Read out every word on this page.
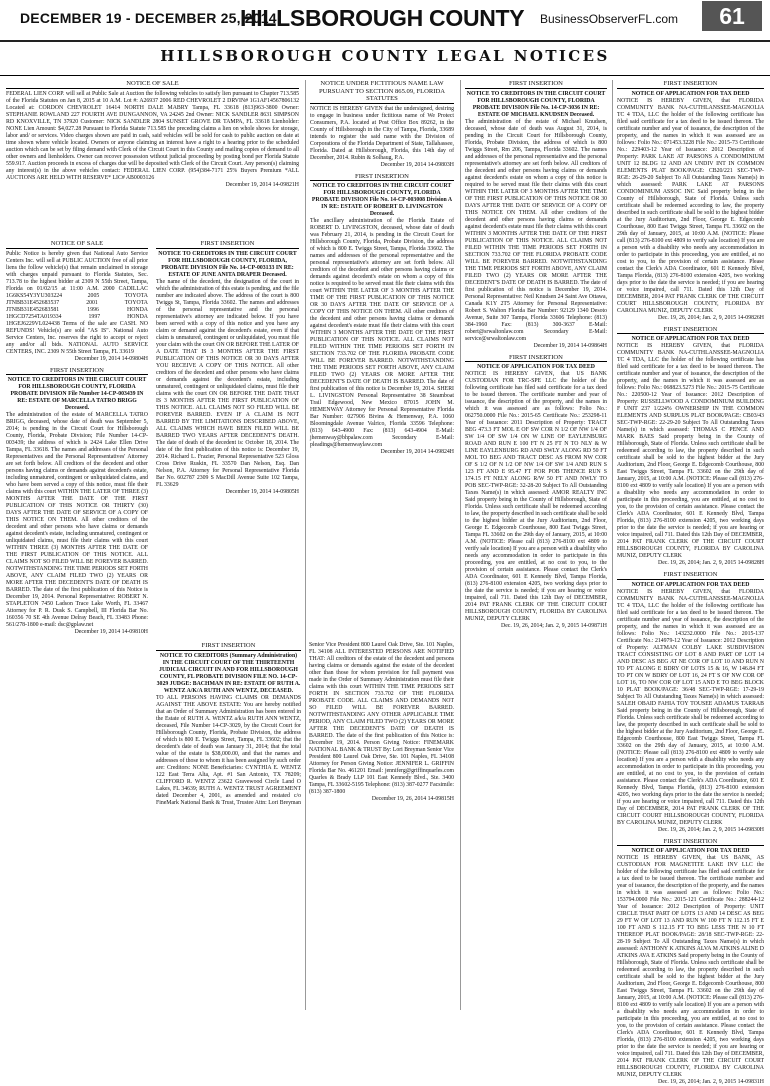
DECEMBER 19 - DECEMBER 25, 2014
HILLSBOROUGH COUNTY BusinessObserverFL.com	61
HILLSBOROUGH COUNTY LEGAL NOTICES
NOTICE OF SALE
FEDERAL LIEN CORP. will sell at Public Sale at Auction the following vehicles to satisfy lien pursuant to Chapter 713.585 of the Florida Statutes on Jan 8, 2015 at 10 A.M. Lot #: A26937 2006 RED CHEVROLET 2 DRVIN# 1G1AF14567806132 Located at: CORDON CHEVROLET 16414 NORTH DALE MABRY Tampa, FL 33618 (813)963-3800 Owner: STEPHANIE ROWLAND 227 FOURTH AVE DUNGANNON, VA 24245 2nd Owner: NICK SANDLER 8631 SIMPSON RD KNOXVILLE, TN 37920 Customer: NICK SANDLER 2804 SUNSET GROVE DR TAMPA, FL 33618 Lienholder: NONE Lien Amount: $4,027.28 Pursuant to Florida Statute 713.585 the preceding claims a lien on whole shows for storage, labor and/ or services. Video charges shown are paid in cash, said vehicles will be sold for cash to public auction on date at time shown where vehicle located. Owners or anyone claiming an interest have a right to a hearing prior to the scheduled auction which can be set by filing demand with Clerk of the Circuit Court in this County and mailing copies of demand to all other owners and lienholders. Owner can recover possession without judicial proceeding by posting bond per Florida Statute 559.917. Auction proceeds in excess of charges due will be deposited with Clerk of the Circuit Court. Any person(s) claiming any interest(s) in the above vehicles contact: FEDERAL LIEN CORP. (954)384-7171 25% Buyers Premium *ALL AUCTIONS ARE HELD WITH RESERVE* LIC# AB0003126
December 19, 2014 14-09821H
NOTICE OF SALE
Public Notice is hereby given that National Auto Service Centers Inc. will sell at PUBLIC AUCTION free of all prior liens the follow vehicle(s) that remain unclaimed in storage with charges unpaid pursuant to Florida Statutes, Sec. 713.78 to the highest bidder at 2309 N 55th Street, Tampa, Florida on 01/02/15 at 11:00 A.M. 2000 CADILLAC 1G6KS54Y3YU303224 2005 TOYOTA JTNBB31E452683537 2001 TOYOTA JTNBB31E452683581 1996 HONDA 1HGCD7254TA019334 1997 HONDA 1HGEJ6229VL024438 Terms of the sale are CASH. NO REFUNDS! Vehicle(s) are sold "AS IS". National Auto Service Centers, Inc. reserves the right to accept or reject any and/or all bids. NATIONAL AUTO SERVICE CENTERS, INC. 2309 N 55th Street Tampa, FL 33619
December 19, 2014 14-09804H
FIRST INSERTION
NOTICE TO CREDITORS IN THE CIRCUIT COURT FOR HILLSBOROUGH COUNTY, FLORIDA PROBATE DIVISION File Number 14-CP-003439 IN RE: ESTATE OF MARCELLA TATRO BRIGG Deceased.
The administration of the estate of MARCELLA TATRO BRIGG, deceased, whose date of death was September 5, 2014; is pending in the Circuit Court for Hillsborough County, Florida, Probate Division; File Number 14-CP-003439; the address of which is 2424 Lake Ellen Drive Tampa, FL 33618. The names and addresses of the Personal Representatives and the Personal Representatives' Attorney are set forth below. All creditors of the decedent and other persons having claims or demands against decedent's estate, including unmatured, contingent or unliquidated claims, and who have been served a copy of this notice, must file their claims with this court WITHIN THE LATER OF THREE (3) MONTHS AFTER THE DATE OF THE FIRST PUBLICATION OF THIS NOTICE OR THIRTY (30) DAYS AFTER THE DATE OF SERVICE OF A COPY OF THIS NOTICE ON THEM. All other creditors of the decedent and other persons who have claims or demands against decedent's estate, including unmatured, contingent or unliquidated claims, must file their claims with this court WITHIN THREE (3) MONTHS AFTER THE DATE OF THE FIRST PUBLICATION OF THIS NOTICE. ALL CLAIMS NOT SO FILED WILL BE FOREVER BARRED. NOTWITHSTANDING THE TIME PERIODS SET FORTH ABOVE, ANY CLAIM FILED TWO (2) YEARS OR MORE AFTER THE DECEDENT'S DATE OF DEATH IS BARRED. The date of the first publication of this Notice is December 19, 2014. Personal Representative: ROBERT N. STAPLETON 7450 Ladson Trace Lake Worth, FL 33467 Attorney for P. R. Dusk S. Campbell, III Florida Bar No. 160356 70 SE 4th Avenue Delray Beach, FL 33483 Phone: 561/278-1800 e-mail: dsc@gplaw.net
December 19, 2014 14-09810H
FIRST INSERTION
NOTICE TO CREDITORS IN THE CIRCUIT COURT FOR HILLSBOROUGH COUNTY, FLORIDA, PROBATE DIVISION File No. 14-CP-003133 IN RE: ESTATE OF JUNE ANITA DRAPER Deceased.
The name of the decedent, the designation of the court in which the administration of this estate is pending, and the file number are indicated above. The address of the court is 800 Twiggs St, Tampa, Florida 33602. The names and addresses of the personal representative and the personal representative's attorney are indicated below. If you have been served with a copy of this notice and you have any claim or demand against the decedent's estate, even if that claim is unmatured, contingent or unliquidated, you must file your claim with the court ON OR BEFORE THE LATER OF A DATE THAT IS 3 MONTHS AFTER THE FIRST PUBLICATION OF THIS NOTICE OR 30 DAYS AFTER YOU RECEIVE A COPY OF THIS NOTICE. All other creditors of the decedent and other persons who have claims or demands against the decedent's estate, including unmatured, contingent or unliquidated claims, must file their claims with the court ON OR BEFORE THE DATE THAT IS 3 MONTHS AFTER THE FIRST PUBLICATION OF THIS NOTICE. ALL CLAIMS NOT SO FILED WILL BE FOREVER BARRED. EVEN IF A CLAIM IS NOT BARRED BY THE LIMITATIONS DESCRIBED ABOVE, ALL CLAIMS WHICH HAVE BEEN FILED WILL BE BARRED TWO YEARS AFTER DECEDENT'S DEATH. The date of death of the decedent is: October 18, 2014. The date of the first publication of this notice is: December 19, 2014. Richard L. Frazier, Personal Representative 523 Gloss Cross Drive Ruskin, FL 33570 Dan Nelson, Esq. Dan Nelson, P.A. Attorney for Personal Representative Florida Bar No. 602787 2309 S MacDill Avenue Suite 102 Tampa, FL 33629
December 19, 2014 14-09805H
NOTICE UNDER FICTITIOUS NAME LAW PURSUANT TO SECTION 865.09, FLORIDA STATUTES
NOTICE IS HEREBY GIVEN that the undersigned, desiring to engage in business under fictitious name of We Protect Consumers, P.A. located at Post Office Box 89262, in the County of Hillsborough in the City of Tampa, Florida, 33689 intends to register the said name with the Division of Corporations of the Florida Department of State, Tallahassee, Florida. Dated at Hillsborough, Florida, this 14th day of December, 2014. Rubin & Solhaug, P.A.
December 19, 2014 14-09803H
FIRST INSERTION
NOTICE TO CREDITORS IN THE CIRCUIT COURT FOR HILLSBOROUGH COUNTY, FLORIDA PROBATE DIVISION File No. 14-CP-003008 Division A IN RE: ESTATE OF ROBERT D. LIVINGSTON Deceased.
The ancillary administration of the Florida Estate of ROBERT D. LIVINGSTON, deceased, whose date of death was February 21, 2014, is pending in the Circuit Court for Hillsborough County, Florida, Probate Division, the address of which is 800 E. Twiggs Street, Tampa, Florida 33602. The names and addresses of the personal representative and the personal representative's attorney are set forth below. All creditors of the decedent and other persons having claims or demands against decedent's estate on whom a copy of this notice is required to be served must file their claims with this court WITHIN THE LATER OF 3 MONTHS AFTER THE TIME OF THE FIRST PUBLICATION OF THIS NOTICE OR 30 DAYS AFTER THE DATE OF SERVICE OF A COPY OF THIS NOTICE ON THEM. All other creditors of the decedent and other persons having claims or demands against decedent's estate must file their claims with this court WITHIN 3 MONTHS AFTER THE DATE OF THE FIRST PUBLICATION OF THIS NOTICE. ALL CLAIMS NOT FILED WITHIN THE TIME PERIODS SET FORTH IN SECTION 733.702 OF THE FLORIDA PROBATE CODE WILL BE FOREVER BARRED. NOTWITHSTANDING THE TIME PERIODS SET FORTH ABOVE, ANY CLAIM FILED TWO (2) YEARS OR MORE AFTER THE DECEDENT'S DATE OF DEATH IS BARRED. The date of first publication of this notice is December 19, 2014. SHERI L. LIVINGSTON Personal Representative 38 Steamboat Trail Edgewood, New Mexico 87015 JOHN M. HEMENWAY Attorney for Personal Representative Florida Bar Number: 027906 Bivins & Hemenway, P.A. 1060 Bloomingdale Avenue Valrico, Florida 33596 Telephone: (813) 643-4900 Fax: (813) 643-4904 E-Mail: jhemenway@bhpalaw.com Secondary E-Mail: pleadings@hemenwaylaw.com
December 19, 2014 14-09824H
FIRST INSERTION
NOTICE TO CREDITORS (Summary Administration) IN THE CIRCUIT COURT OF THE THIRTEENTH JUDICIAL CIRCUIT IN AND FOR HILLSBOROUGH COUNTY, FL PROBATE DIVISION FILE NO. 14-CP-3029 JUDGE: BACHMAN IN RE: ESTATE OF RUTH A. WENTZ A/K/A RUTH ANN WENTZ, DECEASED.
TO ALL PERSONS HAVING CLAIMS OR DEMANDS AGAINST THE ABOVE ESTATE: You are hereby notified that an Order of Summary Administration has been entered in the Estate of RUTH A. WENTZ a/k/a RUTH ANN WENTZ, deceased, File Number 14-CP-3029, by the Circuit Court for Hillsborough County, Florida, Probate Division, the address of which is 800 E. Twiggs Street, Tampa, FL 33602; that the decedent's date of death was January 31, 2014; that the total value of the estate is $38,000.00, and that the names and addresses of those to whom it has been assigned by such order are: Creditors: NONE Beneficiaries: CYNTHIA E. WENTZ 122 East Terra Alta, Apt. #1 San Antonio, TX 78209; CLIFFORD R. WENTZ 23622 Gravewood Circle Land O Lakes, FL 34639; RUTH A. WENTZ TRUST AGREEMENT dated December 4, 2001, as amended and restated c/o FineMark National Bank & Trust, Trustee Attn: Lori Breyman Senior Vice President 800 Laurel Oak Drive, Ste. 101 Naples, FL 34108 ALL INTERESTED PERSONS ARE NOTIFIED THAT: All creditors of the estate of the decedent and persons having claims or demands against the estate of the decedent other than those for whom provision for full payment was made in the Order of Summary Administration must file their claims with this court WITHIN THE TIME PERIODS SET FORTH IN SECTION 733.702 OF THE FLORIDA PROBATE CODE. ALL CLAIMS AND DEMANDS NOT SO FILED WILL BE FOREVER BARRED. NOTWITHSTANDING ANY OTHER APPLICABLE TIME PERIOD, ANY CLAIM FILED TWO (2) YEARS OR MORE AFTER THE DECEDENT'S DATE OF DEATH IS BARRED. The date of the first publication of this Notice is: December 19, 2014. Person Giving Notice: FINEMARK NATIONAL BANK & TRUST By: Lori Breyman Senior Vice President 800 Laurel Oak Drive, Ste. 101 Naples, FL 34108 Attorney for Person Giving Notice: JENNIFER L. GRIFFIN Florida Bar No. 461201 Email: jenniferg@griffinquarles.com Quarles & Brady LLP 101 East Kennedy Blvd., Ste. 3400 Tampa, FL 33602-5195 Telephone: (813) 387-0277 Facsimile: (813) 387-1800
December 19, 26, 2014 14-09815H
FIRST INSERTION
NOTICE TO CREDITORS IN THE CIRCUIT COURT FOR HILLSBOROUGH COUNTY, FLORIDA PROBATE DIVISION File No. 14-CP-3036 IN RE: ESTATE OF MICHAEL KNUDSEN Deceased.
The administration of the estate of Michael Knudsen, deceased, whose date of death was August 31, 2014, is pending in the Circuit Court for Hillsborough County, Florida, Probate Division, the address of which is 800 Twiggs Street, Rm 206, Tampa, Florida 33602. The names and addresses of the personal representative and the personal representative's attorney are set forth below. All creditors of the decedent and other persons having claims or demands against decedent's estate on whom a copy of this notice is required to be served must file their claims with this court WITHIN THE LATER OF 3 MONTHS AFTER THE TIME OF THE FIRST PUBLICATION OF THIS NOTICE OR 30 DAYS AFTER THE DATE OF SERVICE OF A COPY OF THIS NOTICE ON THEM. All other creditors of the decedent and other persons having claims or demands against decedent's estate must file their claims with this court WITHIN 3 MONTHS AFTER THE DATE OF THE FIRST PUBLICATION OF THIS NOTICE. ALL CLAIMS NOT FILED WITHIN THE TIME PERIODS SET FORTH IN SECTION 733.702 OF THE FLORIDA PROBATE CODE WILL BE FOREVER BARRED. NOTWITHSTANDING THE TIME PERIODS SET FORTH ABOVE, ANY CLAIM FILED TWO (2) YEARS OR MORE AFTER THE DECEDENT'S DATE OF DEATH IS BARRED. The date of first publication of this notice is December 19, 2014. Personal Representative: Neil Knudsen 24 Saint Ave Ottawa, Canada K1Y 2T5 Attorney for Personal Representative: Robert S. Walton Florida Bar Number: 92129 1340 Desoto Avenue, Suite 307 Tampa, Florida 33606 Telephone: (813) 384-1960 Fax: (813) 300-3637 E-Mail: robert@srwaltonlaw.com Secondary E-Mail: service@srwaltonlaw.com
December 19, 2014 14-09864H
FIRST INSERTION
NOTICE OF APPLICATION FOR TAX DEED
NOTICE IS HEREBY GIVEN, that US BANK CUSTODIAN FOR TRC-SPE LLC the holder of the following certificate has filed said certificate for a tax deed to be issued thereon. The certificate number and year of issuance, the description of the property, and the names in which it was assessed are as follows: Folio No.: 062750.0000 File No.: 2015-65 Certificate No.: 253298-11 Year of Issuance: 2011 Description of Property: TRACT BEG 473.3 FT MOL E OF SW COR N 1/2 OF NW 1/4 OF SW 1/4 OF SW 1/4 ON W LINE OF EAYLENBURG ROAD AND RUN E 100 FT N 25 FT N TO NLY & W LINE EAYLENBURG RD AND SWLY ALONG RD 50 FT MOL TO BEG AND TRACT DESC AS FROM NW COR OF S 1/2 OF N 1/2 OF NW 1/4 OF SW 1/4 AND RUN S 123 FT AND E 95.47 FT FOR POB THENCE RUN S 174.15 FT NELY ALONG R/W 50 FT AND NWLY TO POB SEC-TWP-RGE: 32-28-20 Subject To All Outstanding Taxes Name(s) in which assessed: AMOR REALTY INC Said property being in the County of Hillsborough, State of Florida. Unless such certificate shall be redeemed according to law, the property described in such certificate shall be sold to the highest bidder at the Jury Auditorium, 2nd Floor, George E. Edgecomb Courthouse, 800 East Twiggs Street, Tampa FL 33602 on the 29th day of January, 2015, at 10:00 A.M. (NOTICE: Please call (813) 276-8100 ext 4809 to verify sale location) If you are a person with a disability who needs any accommodation in order to participate in this proceeding, you are entitled, at no cost to you, to the provision of certain assistance. Please contact the Clerk's ADA Coordinator, 601 E Kennedy Blvd, Tampa Florida, (813) 276-8100 extension 4205, two working days prior to the date the service is needed; if you are hearing or voice impaired, call 711. Dated this 12th Day of DECEMBER, 2014 PAT FRANK CLERK OF THE CIRCUIT COURT HILLSBOROUGH COUNTY, FLORIDA BY CAROLINA MUNIZ, DEPUTY CLERK
Dec. 19, 26, 2014; Jan. 2, 9, 2015 14-09871H
FIRST INSERTION
NOTICE OF APPLICATION FOR TAX DEED
NOTICE IS HEREBY GIVEN, that FLORIDA COMMUNITY BANK NA-CUTHLANSSEE-MAGNOLIA TC 4 TDA, LLC the holder of the following certificate has filed said certificate for a tax deed to be issued thereon. The certificate number and year of issuance, the description of the property, and the names in which it was assessed are as follows: Folio No.: 071453.3228 File No.: 2015-73 Certificate No.: 229403-12 Year of Issuance: 2012 Description of Property: PARK LAKE AT PARSONS A CONDOMINIUM UNIT 12 BLDG 12 AND AN UNDIV INT IN COMMON ELEMENTS PLAT BOOK/PAGE: CB20/221 SEC-TWP-RGE: 26-29-20 Subject To All Outstanding Taxes Name(s) in which assessed: PARK LAKE AT PARSONS CONDOMINIUM ASSOC INC Said property being in the County of Hillsborough, State of Florida. Unless such certificate shall be redeemed according to law, the property described in such certificate shall be sold to the highest bidder at the Jury Auditorium, 2nd Floor, George E. Edgecomb Courthouse, 800 East Twiggs Street, Tampa FL 33602 on the 29th day of January, 2015, at 10:00 A.M. (NOTICE: Please call (813) 276-8100 ext 4809 to verify sale location) If you are a person with a disability who needs any accommodation in order to participate in this proceeding, you are entitled, at no cost to you, to the provision of certain assistance. Please contact the Clerk's ADA Coordinator, 601 E Kennedy Blvd, Tampa Florida, (813) 276-8100 extension 4205, two working days prior to the date the service is needed; if you are hearing or voice impaired, call 711. Dated this 12th Day of DECEMBER, 2014 PAT FRANK CLERK OF THE CIRCUIT COURT HILLSBOROUGH COUNTY, FLORIDA BY CAROLINA MUNIZ, DEPUTY CLERK
Dec. 19, 26, 2014; Jan. 2, 9, 2015 14-09826H
FIRST INSERTION
NOTICE OF APPLICATION FOR TAX DEED
NOTICE IS HEREBY GIVEN, that FLORIDA COMMUNITY BANK NA-CUTHLANSSEE-MAGNOLIA TC 4 TDA, LLC the holder of the following certificate has filed said certificate for a tax deed to be issued thereon. The certificate number and year of issuance, the description of the property, and the names in which it was assessed are as follows: Folio No.: 068823.5273 File No.: 2015-75 Certificate No.: 220500-12 Year of Issuance: 2012 Description of Property: RUSSELLWOOD A CONDOMINIUM BUILDING F UNIT 237 1/224% OWNERSHIP IN THE COMMON ELEMENTS AND SURPLUS PLAT BOOK/PAGE: CB03/43 SEC-TWP-RGE: 22-29-20 Subject To All Outstanding Taxes Name(s) in which assessed: THOMAS C PENCE AND MARK BAES Said property being in the County of Hillsborough, State of Florida. Unless such certificate shall be redeemed according to law, the property described in such certificate shall be sold to the highest bidder at the Jury Auditorium, 2nd Floor, George E. Edgecomb Courthouse, 800 East Twiggs Street, Tampa FL 33602 on the 29th day of January, 2015, at 10:00 A.M. (NOTICE: Please call (813) 276-8100 ext 4809 to verify sale location) If you are a person with a disability who needs any accommodation in order to participate in this proceeding, you are entitled, at no cost to you, to the provision of certain assistance. Please contact the Clerk's ADA Coordinator, 601 E Kennedy Blvd, Tampa Florida, (813) 276-8100 extension 4205, two working days prior to the date the service is needed; if you are hearing or voice impaired, call 711. Dated this 12th Day of DECEMBER, 2014 PAT FRANK CLERK OF THE CIRCUIT COURT HILLSBOROUGH COUNTY, FLORIDA BY CAROLINA MUNIZ, DEPUTY CLERK
Dec. 19, 26, 2014; Jan. 2, 9, 2015 14-09828H
FIRST INSERTION
NOTICE OF APPLICATION FOR TAX DEED
NOTICE IS HEREBY GIVEN, that FLORIDA COMMUNITY BANK NA-CUTHLANSSEE-MAGNOLIA TC 4 TDA, LLC the holder of the following certificate has filed said certificate for a tax deed to be issued thereon. The certificate number and year of issuance, the description of the property, and the names in which it was assessed are as follows: Folio No.: 143232.0000 File No.: 2015-137 Certificate No.: 214979-12 Year of Issuance: 2012 Description of Property: ALTMAN COLBY LAKE SUBDIVISION TRACT CONSISTING OF LOT 8 AND PART OF LOT 14 AND DESC AS BEG AT NE COR OF LOT 10 AND RUN N TO PT ALONG E BDRY OF LOTS 15 & 16, W 146.84 FT TO PT ON W BDRY OF LOT 16, 24 FT S OF NW COR OF LOT 16, TO NW COR OF LOT 15 AND E TO BEG BLOCK 10 PLAT BOOK/PAGE: 36/48 SEC-TWP-RGE: 17-29-19 Subject To All Outstanding Taxes Name(s) in which assessed: SALEH OBAID FAHIA TOY TOUSEE ADAMUS TARRAB Said property being in the County of Hillsborough, State of Florida. Unless such certificate shall be redeemed according to law, the property described in such certificate shall be sold to the highest bidder at the Jury Auditorium, 2nd Floor, George E. Edgecomb Courthouse, 800 East Twiggs Street, Tampa FL 33602 on the 29th day of January, 2015, at 10:00 A.M. (NOTICE: Please call (813) 276-8100 ext 4809 to verify sale location) If you are a person with a disability who needs any accommodation in order to participate in this proceeding, you are entitled, at no cost to you, to the provision of certain assistance. Please contact the Clerk's ADA Coordinator, 601 E Kennedy Blvd, Tampa Florida, (813) 276-8100 extension 4205, two working days prior to the date the service is needed; if you are hearing or voice impaired, call 711. Dated this 12th Day of DECEMBER, 2014 PAT FRANK CLERK OF THE CIRCUIT COURT HILLSBOROUGH COUNTY, FLORIDA BY CAROLINA MUNIZ, DEPUTY CLERK
Dec. 19, 26, 2014; Jan. 2, 9, 2015 14-09830H
FIRST INSERTION
NOTICE OF APPLICATION FOR TAX DEED
NOTICE IS HEREBY GIVEN, that US BANK, AS CUSTODIAN FOR MAGNETITE LAKE INV LLC the holder of the following certificate has filed said certificate for a tax deed to be issued thereon. The certificate number and year of issuance, the description of the property, and the names in which it was assessed are as follows: Folio No.: 153794.0000 File No.: 2015-121 Certificate No.: 288244-12 Year of Issuance: 2012 Description of Property: UNIT CIRCLE THAT PART OF LOTS 13 AND 14 DESC AS BEG 29 FT W OF LOT 13 AND RUN W 100 FT N 112.15 FT E 100 FT AND S 112.15 FT TO BEG LESS THE N 10 FT THEREOF PLAT BOOK/PAGE: 28/18 SEC-TWP-RGE: 22-28-19 Subject To All Outstanding Taxes Name(s) in which assessed: ANTHONY K ATKINS ALVA M ATKINS ALINE D ATKINS AVA E ATKINS Said property being in the County of Hillsborough, State of Florida. Unless such certificate shall be redeemed according to law, the property described in such certificate shall be sold to the highest bidder at the Jury Auditorium, 2nd Floor, George E. Edgecomb Courthouse, 800 East Twiggs Street, Tampa FL 33602 on the 29th day of January, 2015, at 10:00 A.M. (NOTICE: Please call (813) 276-8100 ext 4809 to verify sale location) If you are a person with a disability who needs any accommodation in order to participate in this proceeding, you are entitled, at no cost to you, to the provision of certain assistance. Please contact the Clerk's ADA Coordinator, 601 E Kennedy Blvd, Tampa Florida, (813) 276-8100 extension 4205, two working days prior to the date the service is needed; if you are hearing or voice impaired, call 711. Dated this 12th Day of DECEMBER, 2014 PAT FRANK CLERK OF THE CIRCUIT COURT HILLSBOROUGH COUNTY, FLORIDA BY CAROLINA MUNIZ, DEPUTY CLERK
Dec. 19, 26, 2014; Jan. 2, 9, 2015 14-09831H
